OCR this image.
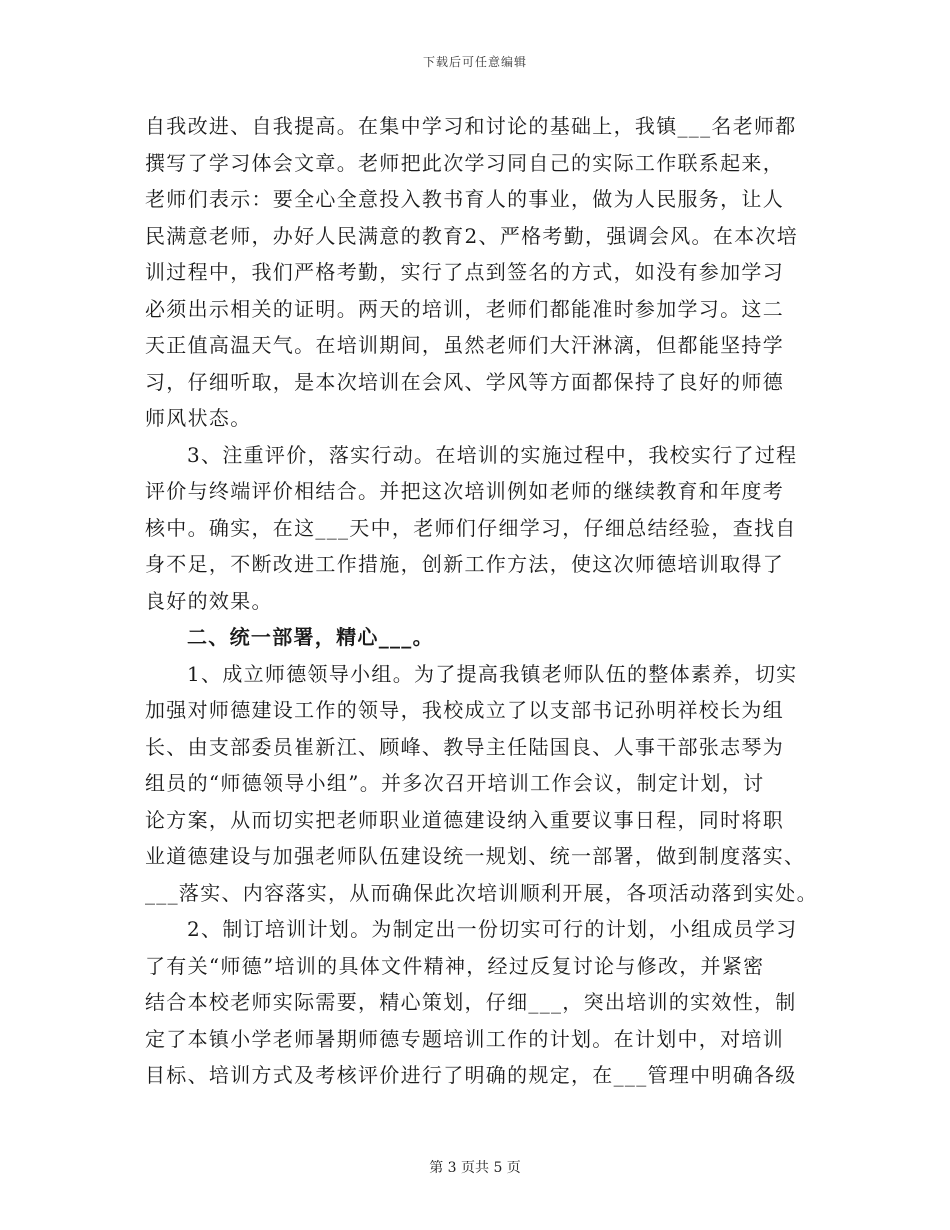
下载后可任意编辑
自我改进、自我提高。在集中学习和讨论的基础上，我镇___名老师都
撰写了学习体会文章。老师把此次学习同自己的实际工作联系起来，
老师们表示：要全心全意投入教书育人的事业，做为人民服务，让人
民满意老师，办好人民满意的教育2、严格考勤，强调会风。在本次培
训过程中，我们严格考勤，实行了点到签名的方式，如没有参加学习
必须出示相关的证明。两天的培训，老师们都能准时参加学习。这二
天正值高温天气。在培训期间，虽然老师们大汗淋漓，但都能坚持学
习，仔细听取，是本次培训在会风、学风等方面都保持了良好的师德
师风状态。
3、注重评价，落实行动。在培训的实施过程中，我校实行了过程
评价与终端评价相结合。并把这次培训例如老师的继续教育和年度考
核中。确实，在这___天中，老师们仔细学习，仔细总结经验，查找自
身不足，不断改进工作措施，创新工作方法，使这次师德培训取得了
良好的效果。
二、统一部署，精心___。
1、成立师德领导小组。为了提高我镇老师队伍的整体素养，切实
加强对师德建设工作的领导，我校成立了以支部书记孙明祥校长为组
长、由支部委员崔新江、顾峰、教导主任陆国良、人事干部张志琴为
组员的“师德领导小组”。并多次召开培训工作会议，制定计划，讨
论方案，从而切实把老师职业道德建设纳入重要议事日程，同时将职
业道德建设与加强老师队伍建设统一规划、统一部署，做到制度落实、
___落实、内容落实，从而确保此次培训顺利开展，各项活动落到实处。
2、制订培训计划。为制定出一份切实可行的计划，小组成员学习
了有关“师德”培训的具体文件精神，经过反复讨论与修改，并紧密
结合本校老师实际需要，精心策划，仔细___，突出培训的实效性，制
定了本镇小学老师暑期师德专题培训工作的计划。在计划中，对培训
目标、培训方式及考核评价进行了明确的规定，在___管理中明确各级
第 3 页共 5 页
